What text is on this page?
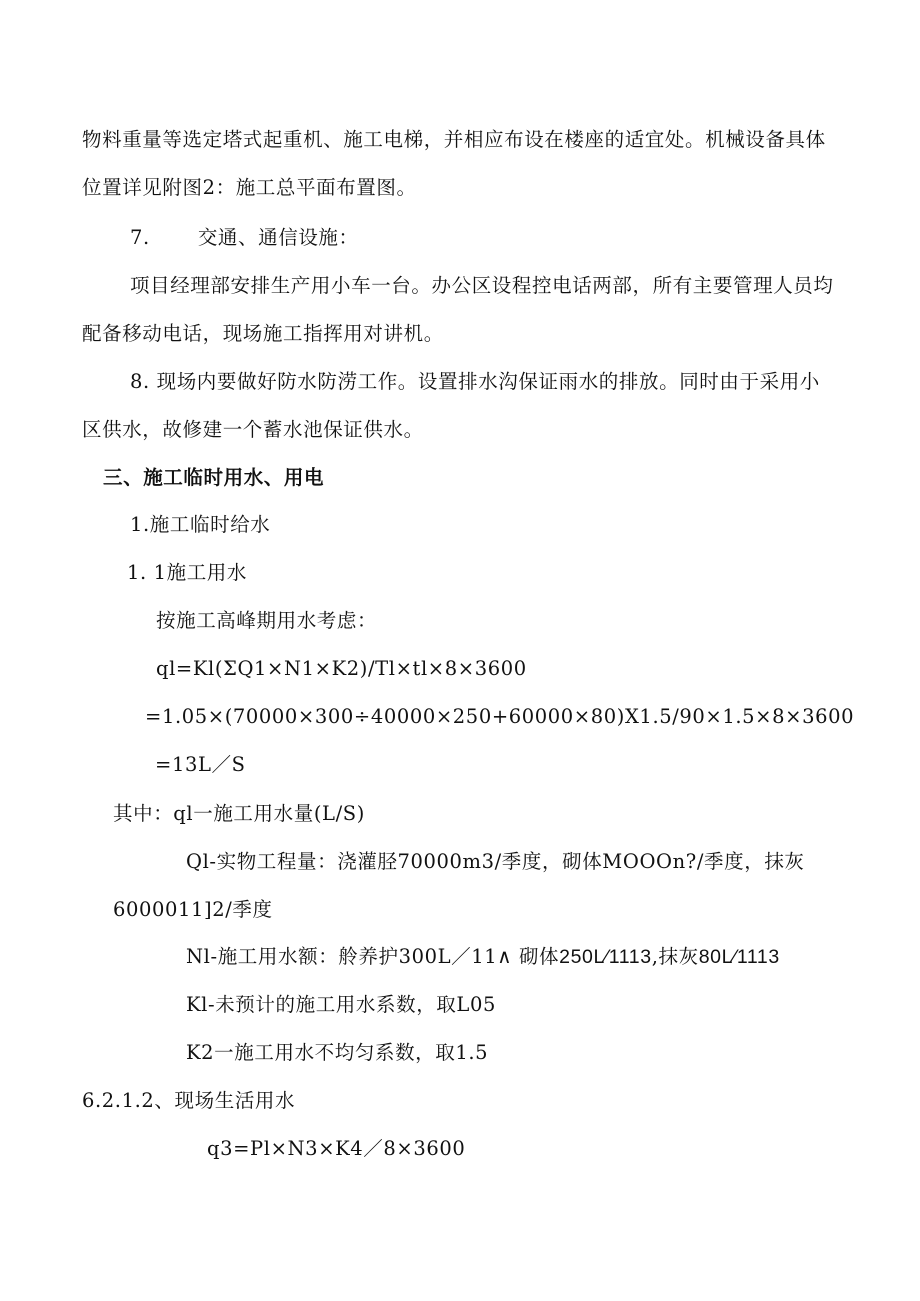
物料重量等选定塔式起重机、施工电梯，并相应布设在楼座的适宜处。机械设备具体
位置详见附图2：施工总平面布置图。
7. 交通、通信设施：
项目经理部安排生产用小车一台。办公区设程控电话两部，所有主要管理人员均
配备移动电话，现场施工指挥用对讲机。
8. 现场内要做好防水防涝工作。设置排水沟保证雨水的排放。同时由于采用小
区供水，故修建一个蓄水池保证供水。
三、施工临时用水、用电
1.施工临时给水
1. 1施工用水
按施工高峰期用水考虑：
ql=Kl(ΣQ1×N1×K2)/Tl×tl×8×3600
=1.05×(70000×300÷40000×250+60000×80)X1.5/90×1.5×8×3600
=13L／S
其中：ql一施工用水量(L/S)
Ql-实物工程量：浇灌胫70000m3/季度，砌体MOOOn?/季度，抹灰
6000011]2/季度
Nl-施工用水额：舲养护300L／11∧ 砌体250L⁄1113,抹灰80L⁄1113
Kl-未预计的施工用水系数，取L05
K2一施工用水不均匀系数，取1.5
6.2.1.2、现场生活用水
q3=Pl×N3×K4／8×3600
